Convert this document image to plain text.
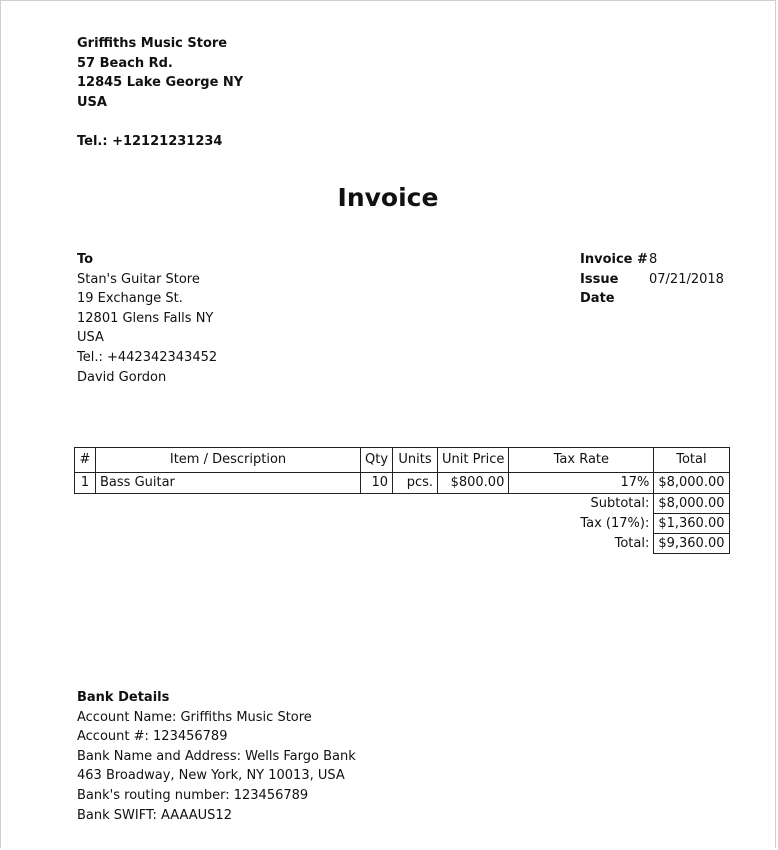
Griffiths Music Store
57 Beach Rd.
12845 Lake George NY
USA
Tel.: +12121231234
Invoice
To
Stan's Guitar Store
19 Exchange St.
12801 Glens Falls NY
USA
Tel.: +442342343452
David Gordon
Invoice # 8
Issue Date
07/21/2018
#	Item / Description	Qty	Units	Unit Price	Tax Rate	Total
1	Bass Guitar	10	pcs.	$800.00	17%	$8,000.00
				Subtotal:		$8,000.00
				Tax (17%):		$1,360.00
				Total:		$9,360.00
Bank Details
Account Name: Griffiths Music Store
Account #: 123456789
Bank Name and Address: Wells Fargo Bank
463 Broadway, New York, NY 10013, USA
Bank's routing number: 123456789
Bank SWIFT: AAAAUS12
